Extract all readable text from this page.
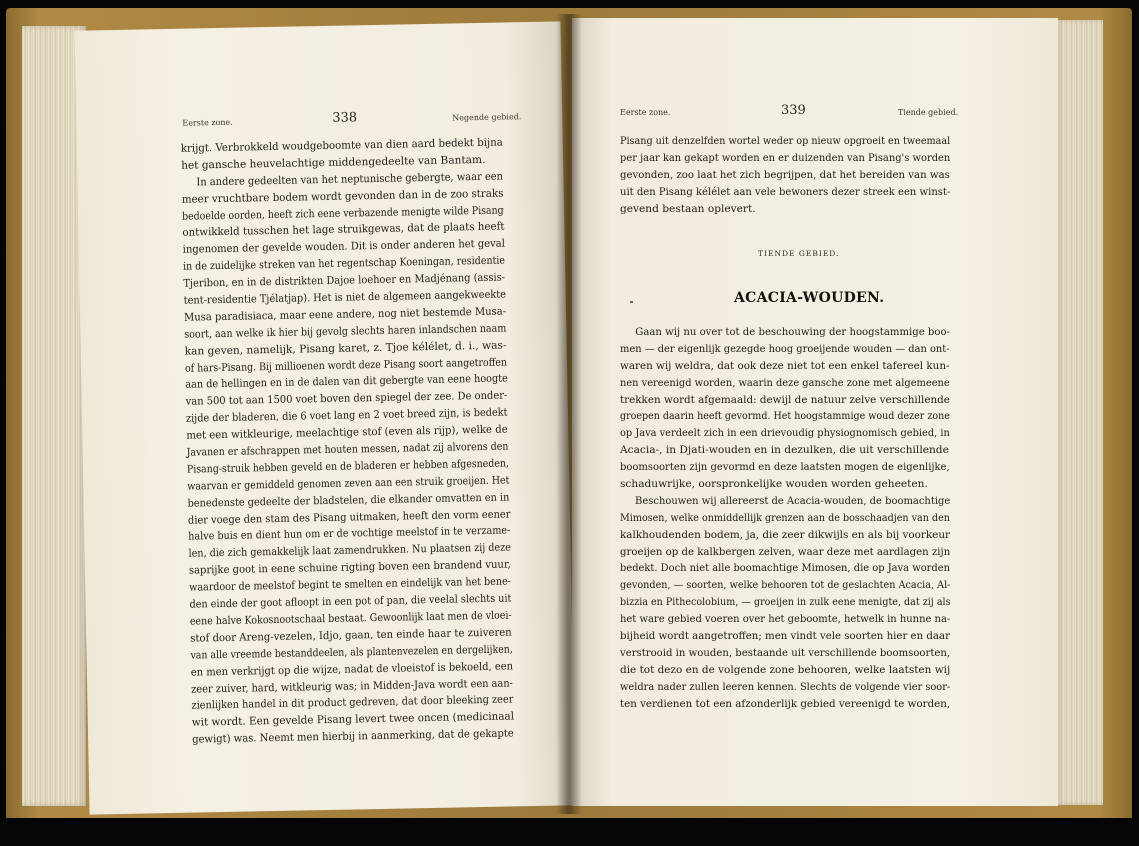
Eerste zone.	338	Negende gebied.
krijgt. Verbrokkeld woudgeboomte van dien aard bedekt bijna
het gansche heuvelachtige middengedeelte van Bantam.
In andere gedeelten van het neptunische gebergte, waar een
meer vruchtbare bodem wordt gevonden dan in de zoo straks
bedoelde oorden, heeft zich eene verbazende menigte wilde Pisang
ontwikkeld tusschen het lage struikgewas, dat de plaats heeft
ingenomen der gevelde wouden. Dit is onder anderen het geval
in de zuidelijke streken van het regentschap Koeningan, residentie
Tjeribon, en in de distrikten Dajoe loehoer en Madjénang (assis-
tent-residentie Tjélatjap). Het is niet de algemeen aangekweekte
Musa paradisiaca, maar eene andere, nog niet bestemde Musa-
soort, aan welke ik hier bij gevolg slechts haren inlandschen naam
kan geven, namelijk, Pisang karet, z. Tjoe kélélet, d. i., was-
of hars-Pisang. Bij millioenen wordt deze Pisang soort aangetroffen
aan de hellingen en in de dalen van dit gebergte van eene hoogte
van 500 tot aan 1500 voet boven den spiegel der zee. De onder-
zijde der bladeren, die 6 voet lang en 2 voet breed zijn, is bedekt
met een witkleurige, meelachtige stof (even als rijp), welke de
Javanen er afschrappen met houten messen, nadat zij alvorens den
Pisang-struik hebben geveld en de bladeren er hebben afgesneden,
waarvan er gemiddeld genomen zeven aan een struik groeijen. Het
benedenste gedeelte der bladstelen, die elkander omvatten en in
dier voege den stam des Pisang uitmaken, heeft den vorm eener
halve buis en dient hun om er de vochtige meelstof in te verzame-
len, die zich gemakkelijk laat zamendrukken. Nu plaatsen zij deze
saprijke goot in eene schuine rigting boven een brandend vuur,
waardoor de meelstof begint te smelten en eindelijk van het bene-
den einde der goot afloopt in een pot of pan, die veelal slechts uit
eene halve Kokosnootschaal bestaat. Gewoonlijk laat men de vloei-
stof door Areng-vezelen, Idjo, gaan, ten einde haar te zuiveren
van alle vreemde bestanddeelen, als plantenvezelen en dergelijken,
en men verkrijgt op die wijze, nadat de vloeistof is bekoeld, een
zeer zuiver, hard, witkleurig was; in Midden-Java wordt een aan-
zienlijken handel in dit product gedreven, dat door bleeking zeer
wit wordt. Een gevelde Pisang levert twee oncen (medicinaal
gewigt) was. Neemt men hierbij in aanmerking, dat de gekapte
Eerste zone.	339	Tiende gebied.
Pisang uit denzelfden wortel weder op nieuw opgroeit en tweemaal
per jaar kan gekapt worden en er duizenden van Pisang's worden
gevonden, zoo laat het zich begrijpen, dat het bereiden van was
uit den Pisang kélélet aan vele bewoners dezer streek een winst-
gevend bestaan oplevert.
TIENDE GEBIED.
ACACIA-WOUDEN.
Gaan wij nu over tot de beschouwing der hoogstammige boo-
men — der eigenlijk gezegde hoog groeijende wouden — dan ont-
waren wij weldra, dat ook deze niet tot een enkel tafereel kun-
nen vereenigd worden, waarin deze gansche zone met algemeene
trekken wordt afgemaald: dewijl de natuur zelve verschillende
groepen daarin heeft gevormd. Het hoogstammige woud dezer zone
op Java verdeelt zich in een drievoudig physiognomisch gebied, in
Acacia-, in Djati-wouden en in dezulken, die uit verschillende
boomsoorten zijn gevormd en deze laatsten mogen de eigenlijke,
schaduwrijke, oorspronkelijke wouden worden geheeten.
Beschouwen wij allereerst de Acacia-wouden, de boomachtige
Mimosen, welke onmiddellijk grenzen aan de bosschaadjen van den
kalkhoudenden bodem, ja, die zeer dikwijls en als bij voorkeur
groeijen op de kalkbergen zelven, waar deze met aardlagen zijn
bedekt. Doch niet alle boomachtige Mimosen, die op Java worden
gevonden, — soorten, welke behooren tot de geslachten Acacia, Al-
bizzia en Pithecolobium, — groeijen in zulk eene menigte, dat zij als
het ware gebied voeren over het geboomte, hetwelk in hunne na-
bijheid wordt aangetroffen; men vindt vele soorten hier en daar
verstrooid in wouden, bestaande uit verschillende boomsoorten,
die tot dezo en de volgende zone behooren, welke laatsten wij
weldra nader zullen leeren kennen. Slechts de volgende vier soor-
ten verdienen tot een afzonderlijk gebied vereenigd te worden,
